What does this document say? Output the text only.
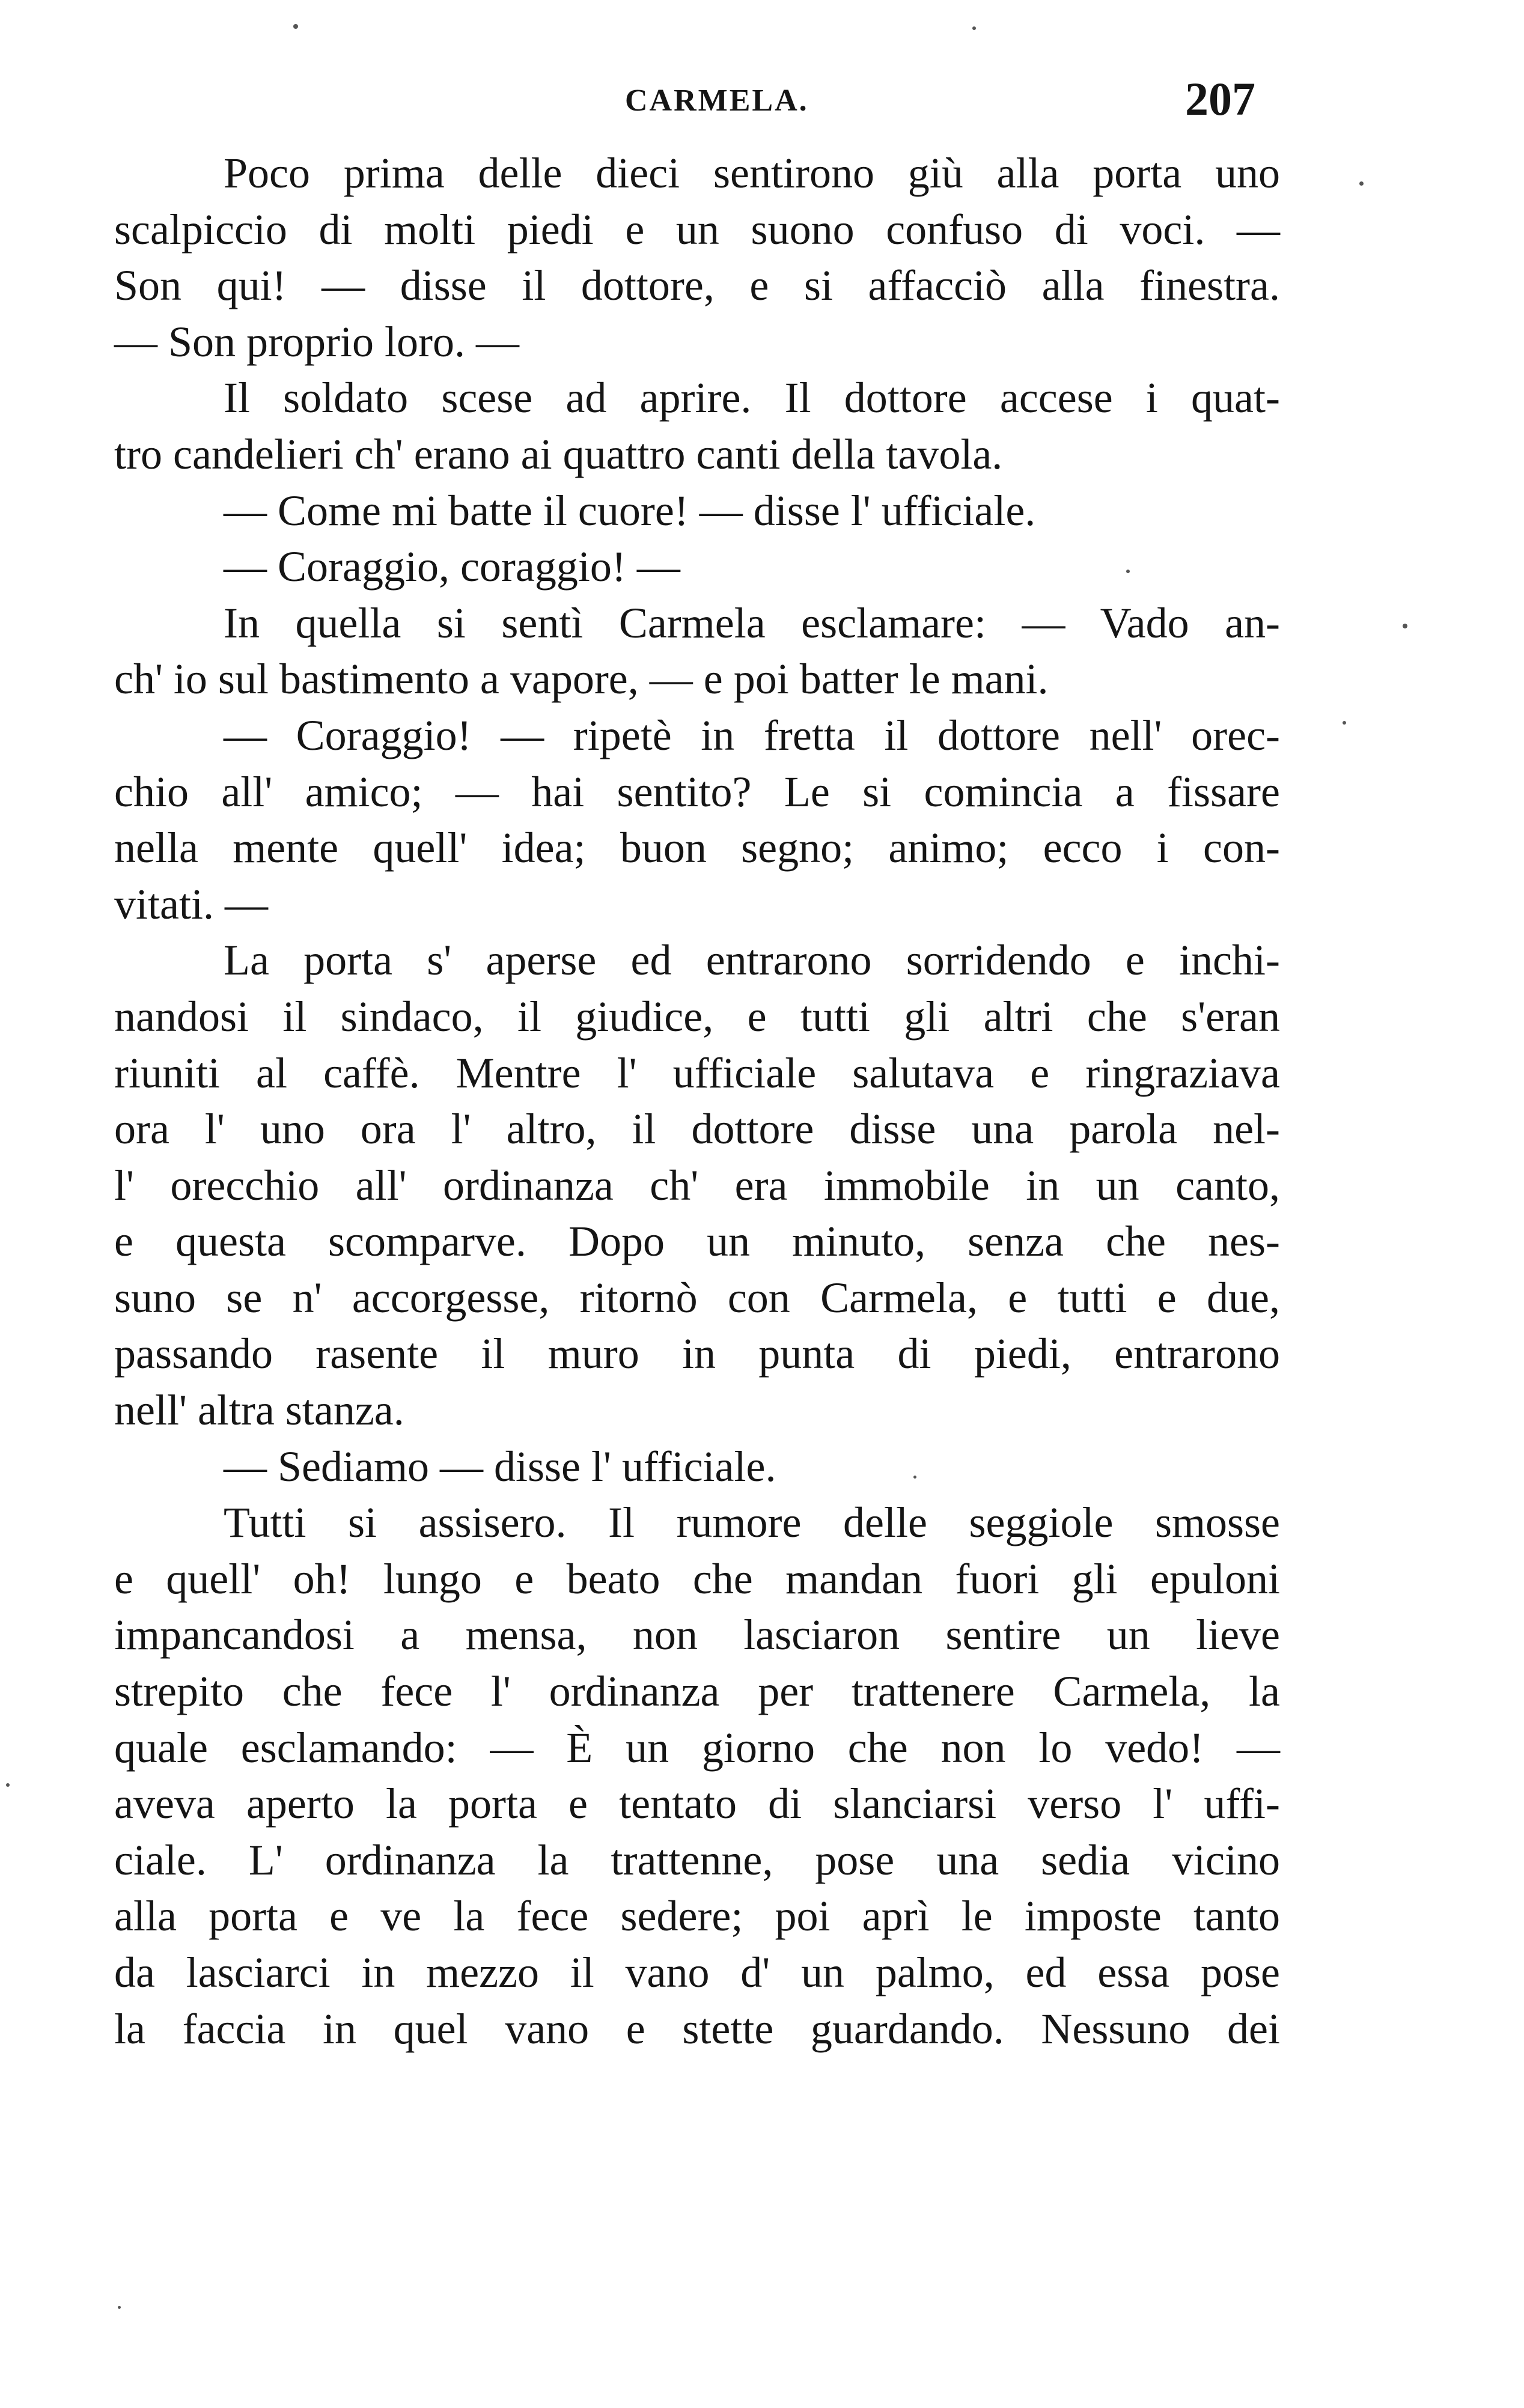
CARMELA.	207
Poco prima delle dieci sentirono giù alla porta uno
scalpiccio di molti piedi e un suono confuso di voci. —
Son qui! — disse il dottore, e si affacciò alla finestra.
— Son proprio loro. —
Il soldato scese ad aprire. Il dottore accese i quat-
tro candelieri ch' erano ai quattro canti della tavola.
— Come mi batte il cuore! — disse l' ufficiale.
— Coraggio, coraggio! —
In quella si sentì Carmela esclamare: — Vado an-
ch' io sul bastimento a vapore, — e poi batter le mani.
— Coraggio! — ripetè in fretta il dottore nell' orec-
chio all' amico; — hai sentito? Le si comincia a fissare
nella mente quell' idea; buon segno; animo; ecco i con-
vitati. —
La porta s' aperse ed entrarono sorridendo e inchi-
nandosi il sindaco, il giudice, e tutti gli altri che s'eran
riuniti al caffè. Mentre l' ufficiale salutava e ringraziava
ora l' uno ora l' altro, il dottore disse una parola nel-
l' orecchio all' ordinanza ch' era immobile in un canto,
e questa scomparve. Dopo un minuto, senza che nes-
suno se n' accorgesse, ritornò con Carmela, e tutti e due,
passando rasente il muro in punta di piedi, entrarono
nell' altra stanza.
— Sediamo — disse l' ufficiale.
Tutti si assisero. Il rumore delle seggiole smosse
e quell' oh! lungo e beato che mandan fuori gli epuloni
impancandosi a mensa, non lasciaron sentire un lieve
strepito che fece l' ordinanza per trattenere Carmela, la
quale esclamando: — È un giorno che non lo vedo! —
aveva aperto la porta e tentato di slanciarsi verso l' uffi-
ciale. L' ordinanza la trattenne, pose una sedia vicino
alla porta e ve la fece sedere; poi aprì le imposte tanto
da lasciarci in mezzo il vano d' un palmo, ed essa pose
la faccia in quel vano e stette guardando. Nessuno dei
